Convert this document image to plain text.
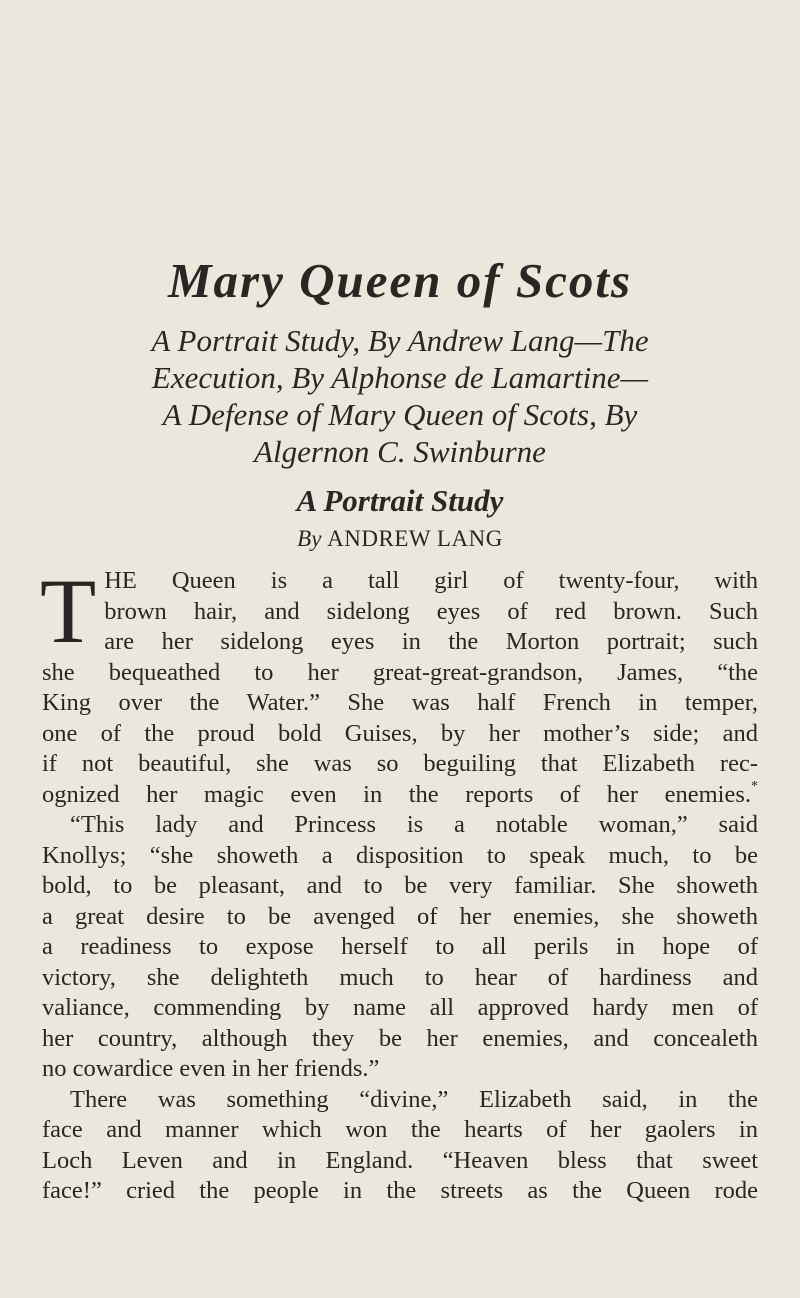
Mary Queen of Scots
A Portrait Study, By Andrew Lang—The
Execution, By Alphonse de Lamartine—
A Defense of Mary Queen of Scots, By
Algernon C. Swinburne
A Portrait Study
By ANDREW LANG
T HE Queen is a tall girl of twenty-four, with
brown hair, and sidelong eyes of red brown. Such
are her sidelong eyes in the Morton portrait; such
she bequeathed to her great-great-grandson, James, “the
King over the Water.” She was half French in temper,
one of the proud bold Guises, by her mother’s side; and
if not beautiful, she was so beguiling that Elizabeth rec-
ognized her magic even in the reports of her enemies.*
“This lady and Princess is a notable woman,” said
Knollys; “she showeth a disposition to speak much, to be
bold, to be pleasant, and to be very familiar. She showeth
a great desire to be avenged of her enemies, she showeth
a readiness to expose herself to all perils in hope of
victory, she delighteth much to hear of hardiness and
valiance, commending by name all approved hardy men of
her country, although they be her enemies, and concealeth
no cowardice even in her friends.”
There was something “divine,” Elizabeth said, in the
face and manner which won the hearts of her gaolers in
Loch Leven and in England. “Heaven bless that sweet
face!” cried the people in the streets as the Queen rode
